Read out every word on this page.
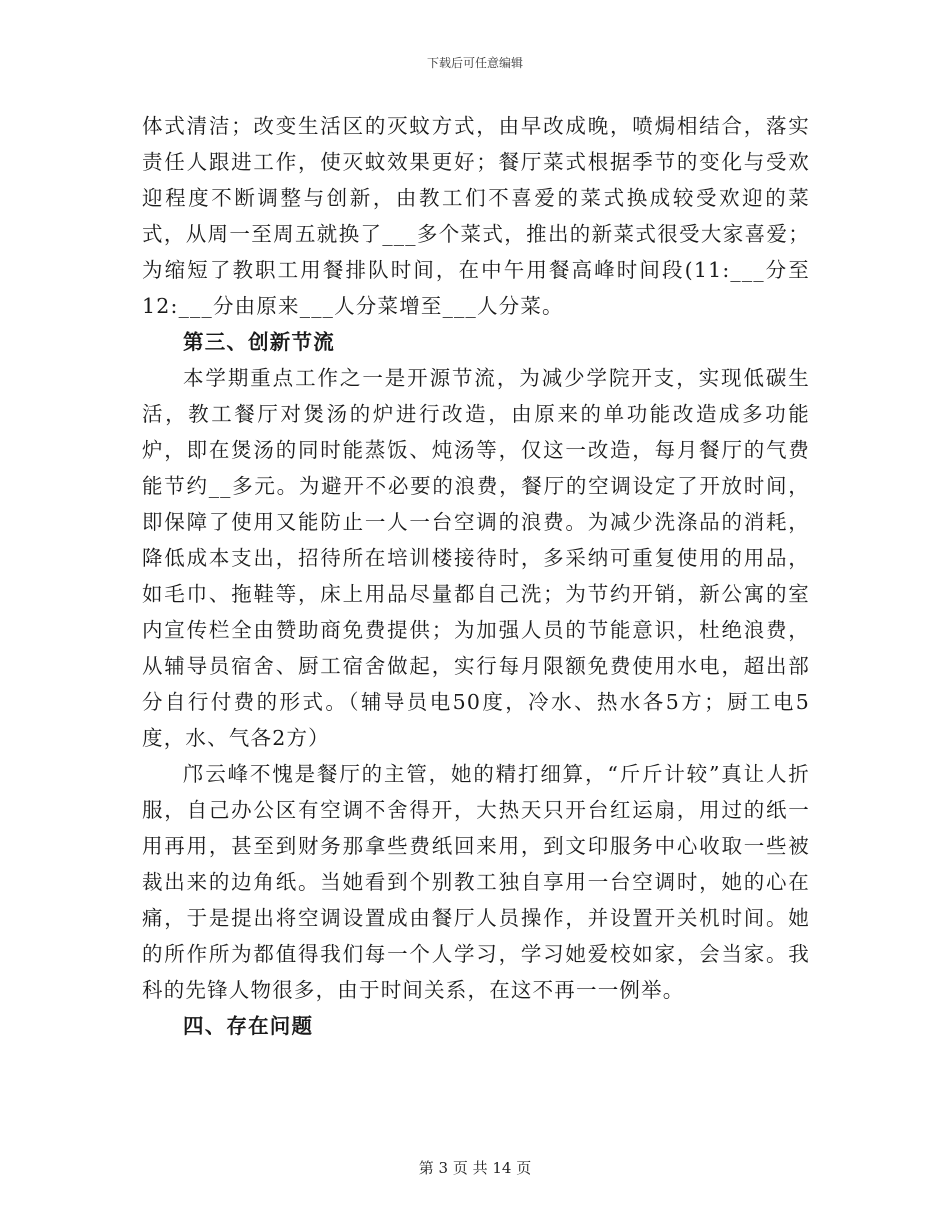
下载后可任意编辑

体式清洁；改变生活区的灭蚊方式，由早改成晚，喷焗相结合，落实责任人跟进工作，使灭蚊效果更好；餐厅菜式根据季节的变化与受欢迎程度不断调整与创新，由教工们不喜爱的菜式换成较受欢迎的菜式，从周一至周五就换了___多个菜式，推出的新菜式很受大家喜爱；为缩短了教职工用餐排队时间，在中午用餐高峰时间段(11:___分至12:___分由原来___人分菜增至___人分菜。

第三、创新节流

本学期重点工作之一是开源节流，为减少学院开支，实现低碳生活，教工餐厅对煲汤的炉进行改造，由原来的单功能改造成多功能炉，即在煲汤的同时能蒸饭、炖汤等，仅这一改造，每月餐厅的气费能节约__多元。为避开不必要的浪费，餐厅的空调设定了开放时间，即保障了使用又能防止一人一台空调的浪费。为减少洗涤品的消耗，降低成本支出，招待所在培训楼接待时，多采纳可重复使用的用品，如毛巾、拖鞋等，床上用品尽量都自己洗；为节约开销，新公寓的室内宣传栏全由赞助商免费提供；为加强人员的节能意识，杜绝浪费，从辅导员宿舍、厨工宿舍做起，实行每月限额免费使用水电，超出部分自行付费的形式。（辅导员电50度，冷水、热水各5方；厨工电5度，水、气各2方）

邝云峰不愧是餐厅的主管，她的精打细算，“斤斤计较”真让人折服，自己办公区有空调不舍得开，大热天只开台红运扇，用过的纸一用再用，甚至到财务那拿些费纸回来用，到文印服务中心收取一些被裁出来的边角纸。当她看到个别教工独自享用一台空调时，她的心在痛，于是提出将空调设置成由餐厅人员操作，并设置开关机时间。她的所作所为都值得我们每一个人学习，学习她爱校如家，会当家。我科的先锋人物很多，由于时间关系，在这不再一一例举。

四、存在问题

第 3 页 共 14 页
